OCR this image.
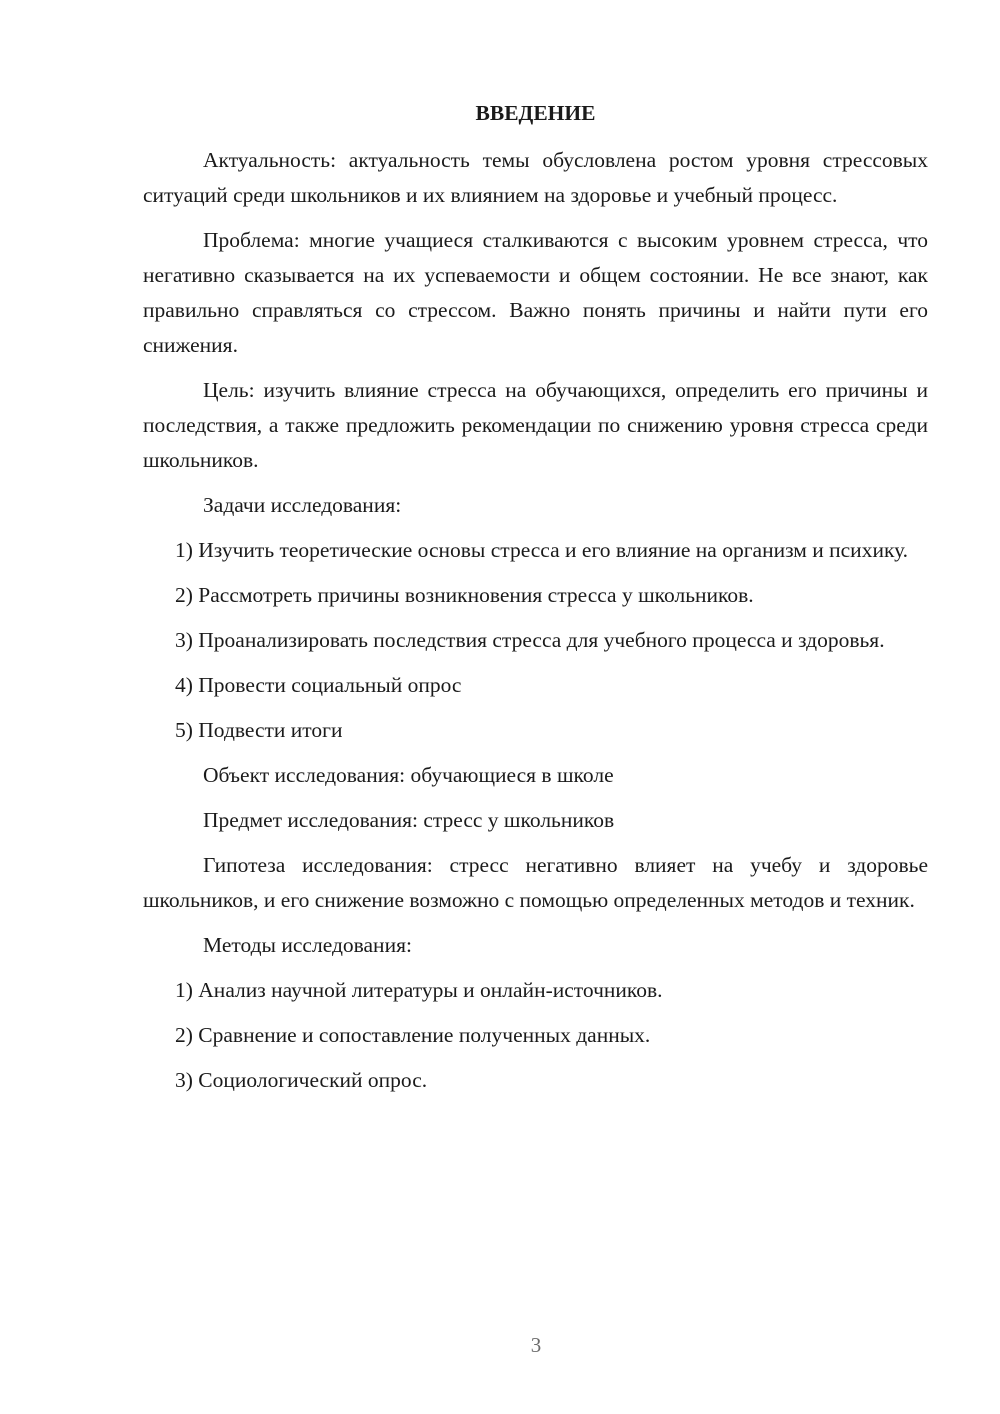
ВВЕДЕНИЕ

Актуальность: актуальность темы обусловлена ростом уровня стрессовых ситуаций среди школьников и их влиянием на здоровье и учебный процесс.

Проблема: многие учащиеся сталкиваются с высоким уровнем стресса, что негативно сказывается на их успеваемости и общем состоянии. Не все знают, как правильно справляться со стрессом. Важно понять причины и найти пути его снижения.

Цель: изучить влияние стресса на обучающихся, определить его причины и последствия, а также предложить рекомендации по снижению уровня стресса среди школьников.

Задачи исследования:

1) Изучить теоретические основы стресса и его влияние на организм и психику.

2) Рассмотреть причины возникновения стресса у школьников.

3) Проанализировать последствия стресса для учебного процесса и здоровья.

4) Провести социальный опрос

5) Подвести итоги

Объект исследования: обучающиеся в школе

Предмет исследования: стресс у школьников

Гипотеза исследования: стресс негативно влияет на учебу и здоровье школьников, и его снижение возможно с помощью определенных методов и техник.

Методы исследования:

1) Анализ научной литературы и онлайн-источников.

2) Сравнение и сопоставление полученных данных.

3) Социологический опрос.

3
